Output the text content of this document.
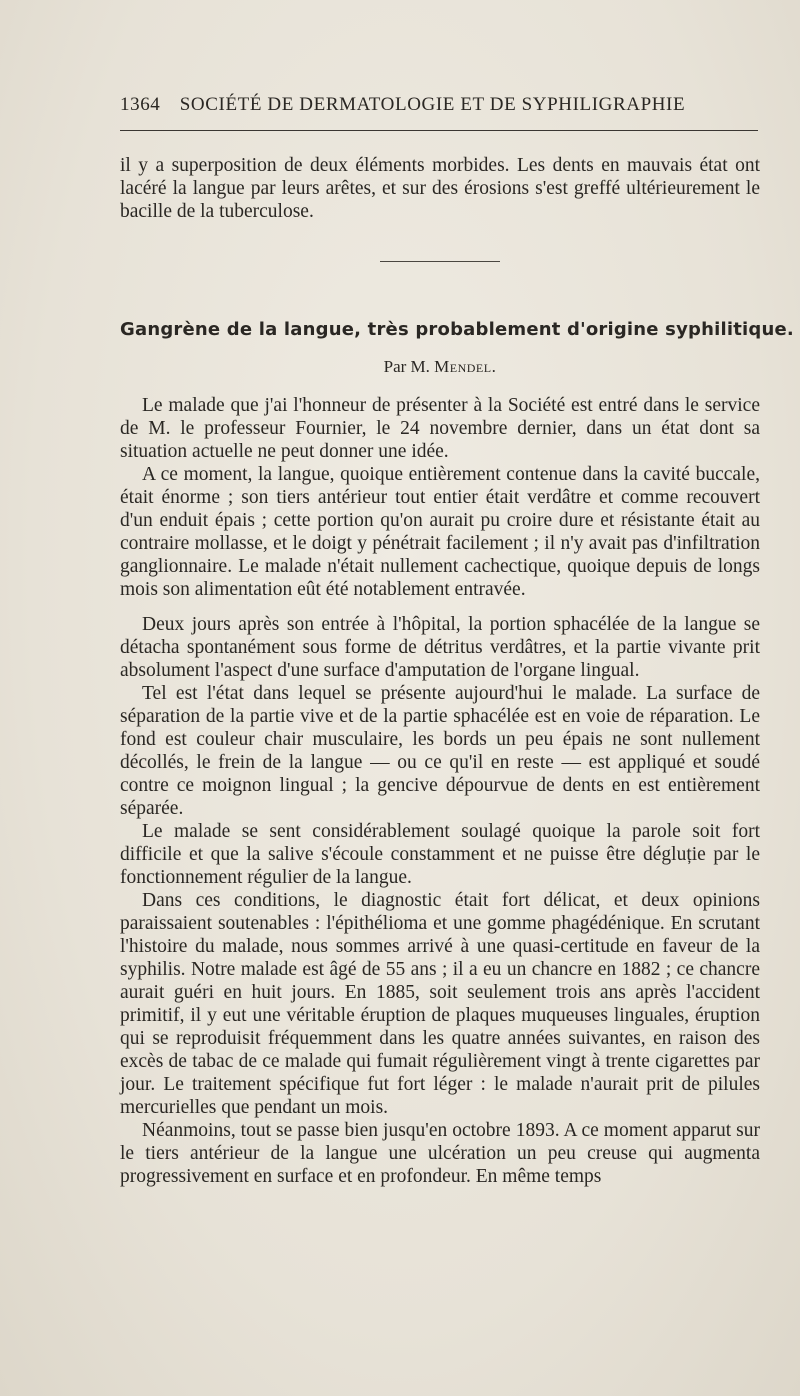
1364 SOCIÉTÉ DE DERMATOLOGIE ET DE SYPHILIGRAPHIE

il y a superposition de deux éléments morbides. Les dents en mauvais état ont lacéré la langue par leurs arêtes, et sur des érosions s'est greffé ultérieurement le bacille de la tuberculose.

Gangrène de la langue, très probablement d'origine syphilitique.

Par M. Mendel.

Le malade que j'ai l'honneur de présenter à la Société est entré dans le service de M. le professeur Fournier, le 24 novembre dernier, dans un état dont sa situation actuelle ne peut donner une idée.

A ce moment, la langue, quoique entièrement contenue dans la cavité buccale, était énorme ; son tiers antérieur tout entier était verdâtre et comme recouvert d'un enduit épais ; cette portion qu'on aurait pu croire dure et résistante était au contraire mollasse, et le doigt y pénétrait facilement ; il n'y avait pas d'infiltration ganglionnaire. Le malade n'était nullement cachectique, quoique depuis de longs mois son alimentation eût été notablement entravée.

Deux jours après son entrée à l'hôpital, la portion sphacélée de la langue se détacha spontanément sous forme de détritus verdâtres, et la partie vivante prit absolument l'aspect d'une surface d'amputation de l'organe lingual.

Tel est l'état dans lequel se présente aujourd'hui le malade. La surface de séparation de la partie vive et de la partie sphacélée est en voie de réparation. Le fond est couleur chair musculaire, les bords un peu épais ne sont nullement décollés, le frein de la langue — ou ce qu'il en reste — est appliqué et soudé contre ce moignon lingual ; la gencive dépourvue de dents en est entièrement séparée.

Le malade se sent considérablement soulagé quoique la parole soit fort difficile et que la salive s'écoule constamment et ne puisse être dégluție par le fonctionnement régulier de la langue.

Dans ces conditions, le diagnostic était fort délicat, et deux opinions paraissaient soutenables : l'épithélioma et une gomme phagédénique. En scrutant l'histoire du malade, nous sommes arrivé à une quasi-certitude en faveur de la syphilis. Notre malade est âgé de 55 ans ; il a eu un chancre en 1882 ; ce chancre aurait guéri en huit jours. En 1885, soit seulement trois ans après l'accident primitif, il y eut une véritable éruption de plaques muqueuses linguales, éruption qui se reproduisit fréquemment dans les quatre années suivantes, en raison des excès de tabac de ce malade qui fumait régulièrement vingt à trente cigarettes par jour. Le traitement spécifique fut fort léger : le malade n'aurait prit de pilules mercurielles que pendant un mois.

Néanmoins, tout se passe bien jusqu'en octobre 1893. A ce moment apparut sur le tiers antérieur de la langue une ulcération un peu creuse qui augmenta progressivement en surface et en profondeur. En même temps
